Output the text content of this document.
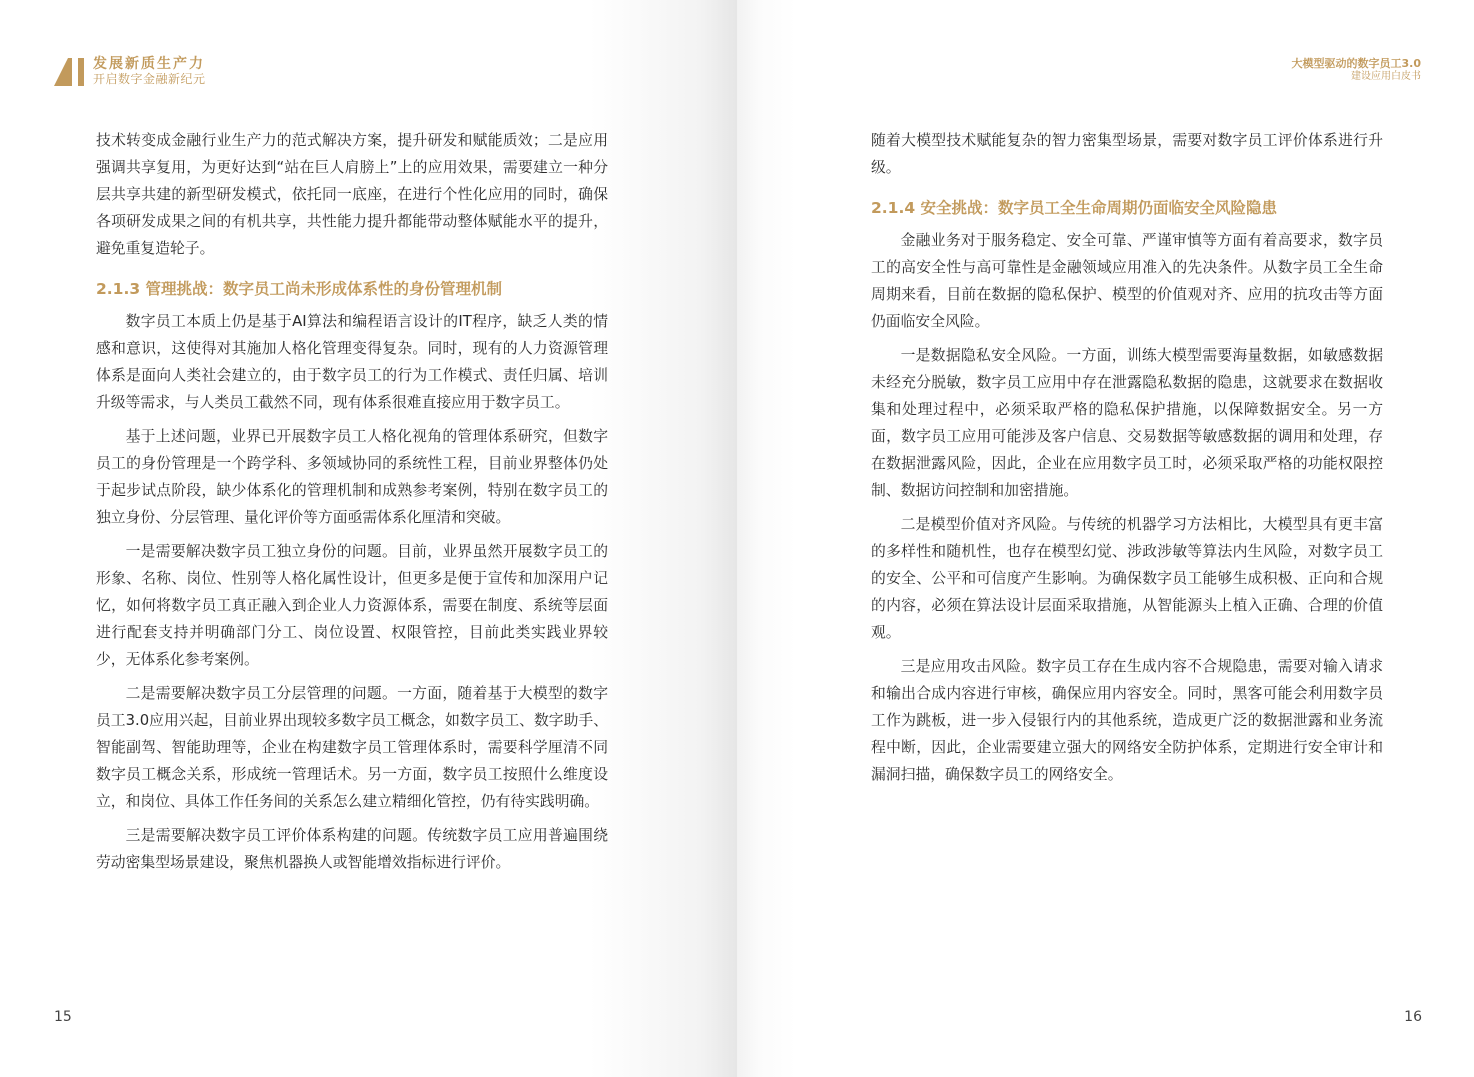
发展新质生产力
开启数字金融新纪元

技术转变成金融行业生产力的范式解决方案，提升研发和赋能质效；二是应用强调共享复用，为更好达到“站在巨人肩膀上”上的应用效果，需要建立一种分层共享共建的新型研发模式，依托同一底座，在进行个性化应用的同时，确保各项研发成果之间的有机共享，共性能力提升都能带动整体赋能水平的提升，避免重复造轮子。

2.1.3 管理挑战：数字员工尚未形成体系性的身份管理机制

数字员工本质上仍是基于AI算法和编程语言设计的IT程序，缺乏人类的情感和意识，这使得对其施加人格化管理变得复杂。同时，现有的人力资源管理体系是面向人类社会建立的，由于数字员工的行为工作模式、责任归属、培训升级等需求，与人类员工截然不同，现有体系很难直接应用于数字员工。

基于上述问题，业界已开展数字员工人格化视角的管理体系研究，但数字员工的身份管理是一个跨学科、多领域协同的系统性工程，目前业界整体仍处于起步试点阶段，缺少体系化的管理机制和成熟参考案例，特别在数字员工的独立身份、分层管理、量化评价等方面亟需体系化厘清和突破。

一是需要解决数字员工独立身份的问题。目前，业界虽然开展数字员工的形象、名称、岗位、性别等人格化属性设计，但更多是便于宣传和加深用户记忆，如何将数字员工真正融入到企业人力资源体系，需要在制度、系统等层面进行配套支持并明确部门分工、岗位设置、权限管控，目前此类实践业界较少，无体系化参考案例。

二是需要解决数字员工分层管理的问题。一方面，随着基于大模型的数字员工3.0应用兴起，目前业界出现较多数字员工概念，如数字员工、数字助手、智能副驾、智能助理等，企业在构建数字员工管理体系时，需要科学厘清不同数字员工概念关系，形成统一管理话术。另一方面，数字员工按照什么维度设立，和岗位、具体工作任务间的关系怎么建立精细化管控，仍有待实践明确。

三是需要解决数字员工评价体系构建的问题。传统数字员工应用普遍围绕劳动密集型场景建设，聚焦机器换人或智能增效指标进行评价。

15
大模型驱动的数字员工3.0
建设应用白皮书

随着大模型技术赋能复杂的智力密集型场景，需要对数字员工评价体系进行升级。

2.1.4 安全挑战：数字员工全生命周期仍面临安全风险隐患

金融业务对于服务稳定、安全可靠、严谨审慎等方面有着高要求，数字员工的高安全性与高可靠性是金融领域应用准入的先决条件。从数字员工全生命周期来看，目前在数据的隐私保护、模型的价值观对齐、应用的抗攻击等方面仍面临安全风险。

一是数据隐私安全风险。一方面，训练大模型需要海量数据，如敏感数据未经充分脱敏，数字员工应用中存在泄露隐私数据的隐患，这就要求在数据收集和处理过程中，必须采取严格的隐私保护措施，以保障数据安全。另一方面，数字员工应用可能涉及客户信息、交易数据等敏感数据的调用和处理，存在数据泄露风险，因此，企业在应用数字员工时，必须采取严格的功能权限控制、数据访问控制和加密措施。

二是模型价值对齐风险。与传统的机器学习方法相比，大模型具有更丰富的多样性和随机性，也存在模型幻觉、涉政涉敏等算法内生风险，对数字员工的安全、公平和可信度产生影响。为确保数字员工能够生成积极、正向和合规的内容，必须在算法设计层面采取措施，从智能源头上植入正确、合理的价值观。

三是应用攻击风险。数字员工存在生成内容不合规隐患，需要对输入请求和输出合成内容进行审核，确保应用内容安全。同时，黑客可能会利用数字员工作为跳板，进一步入侵银行内的其他系统，造成更广泛的数据泄露和业务流程中断，因此，企业需要建立强大的网络安全防护体系，定期进行安全审计和漏洞扫描，确保数字员工的网络安全。

16
